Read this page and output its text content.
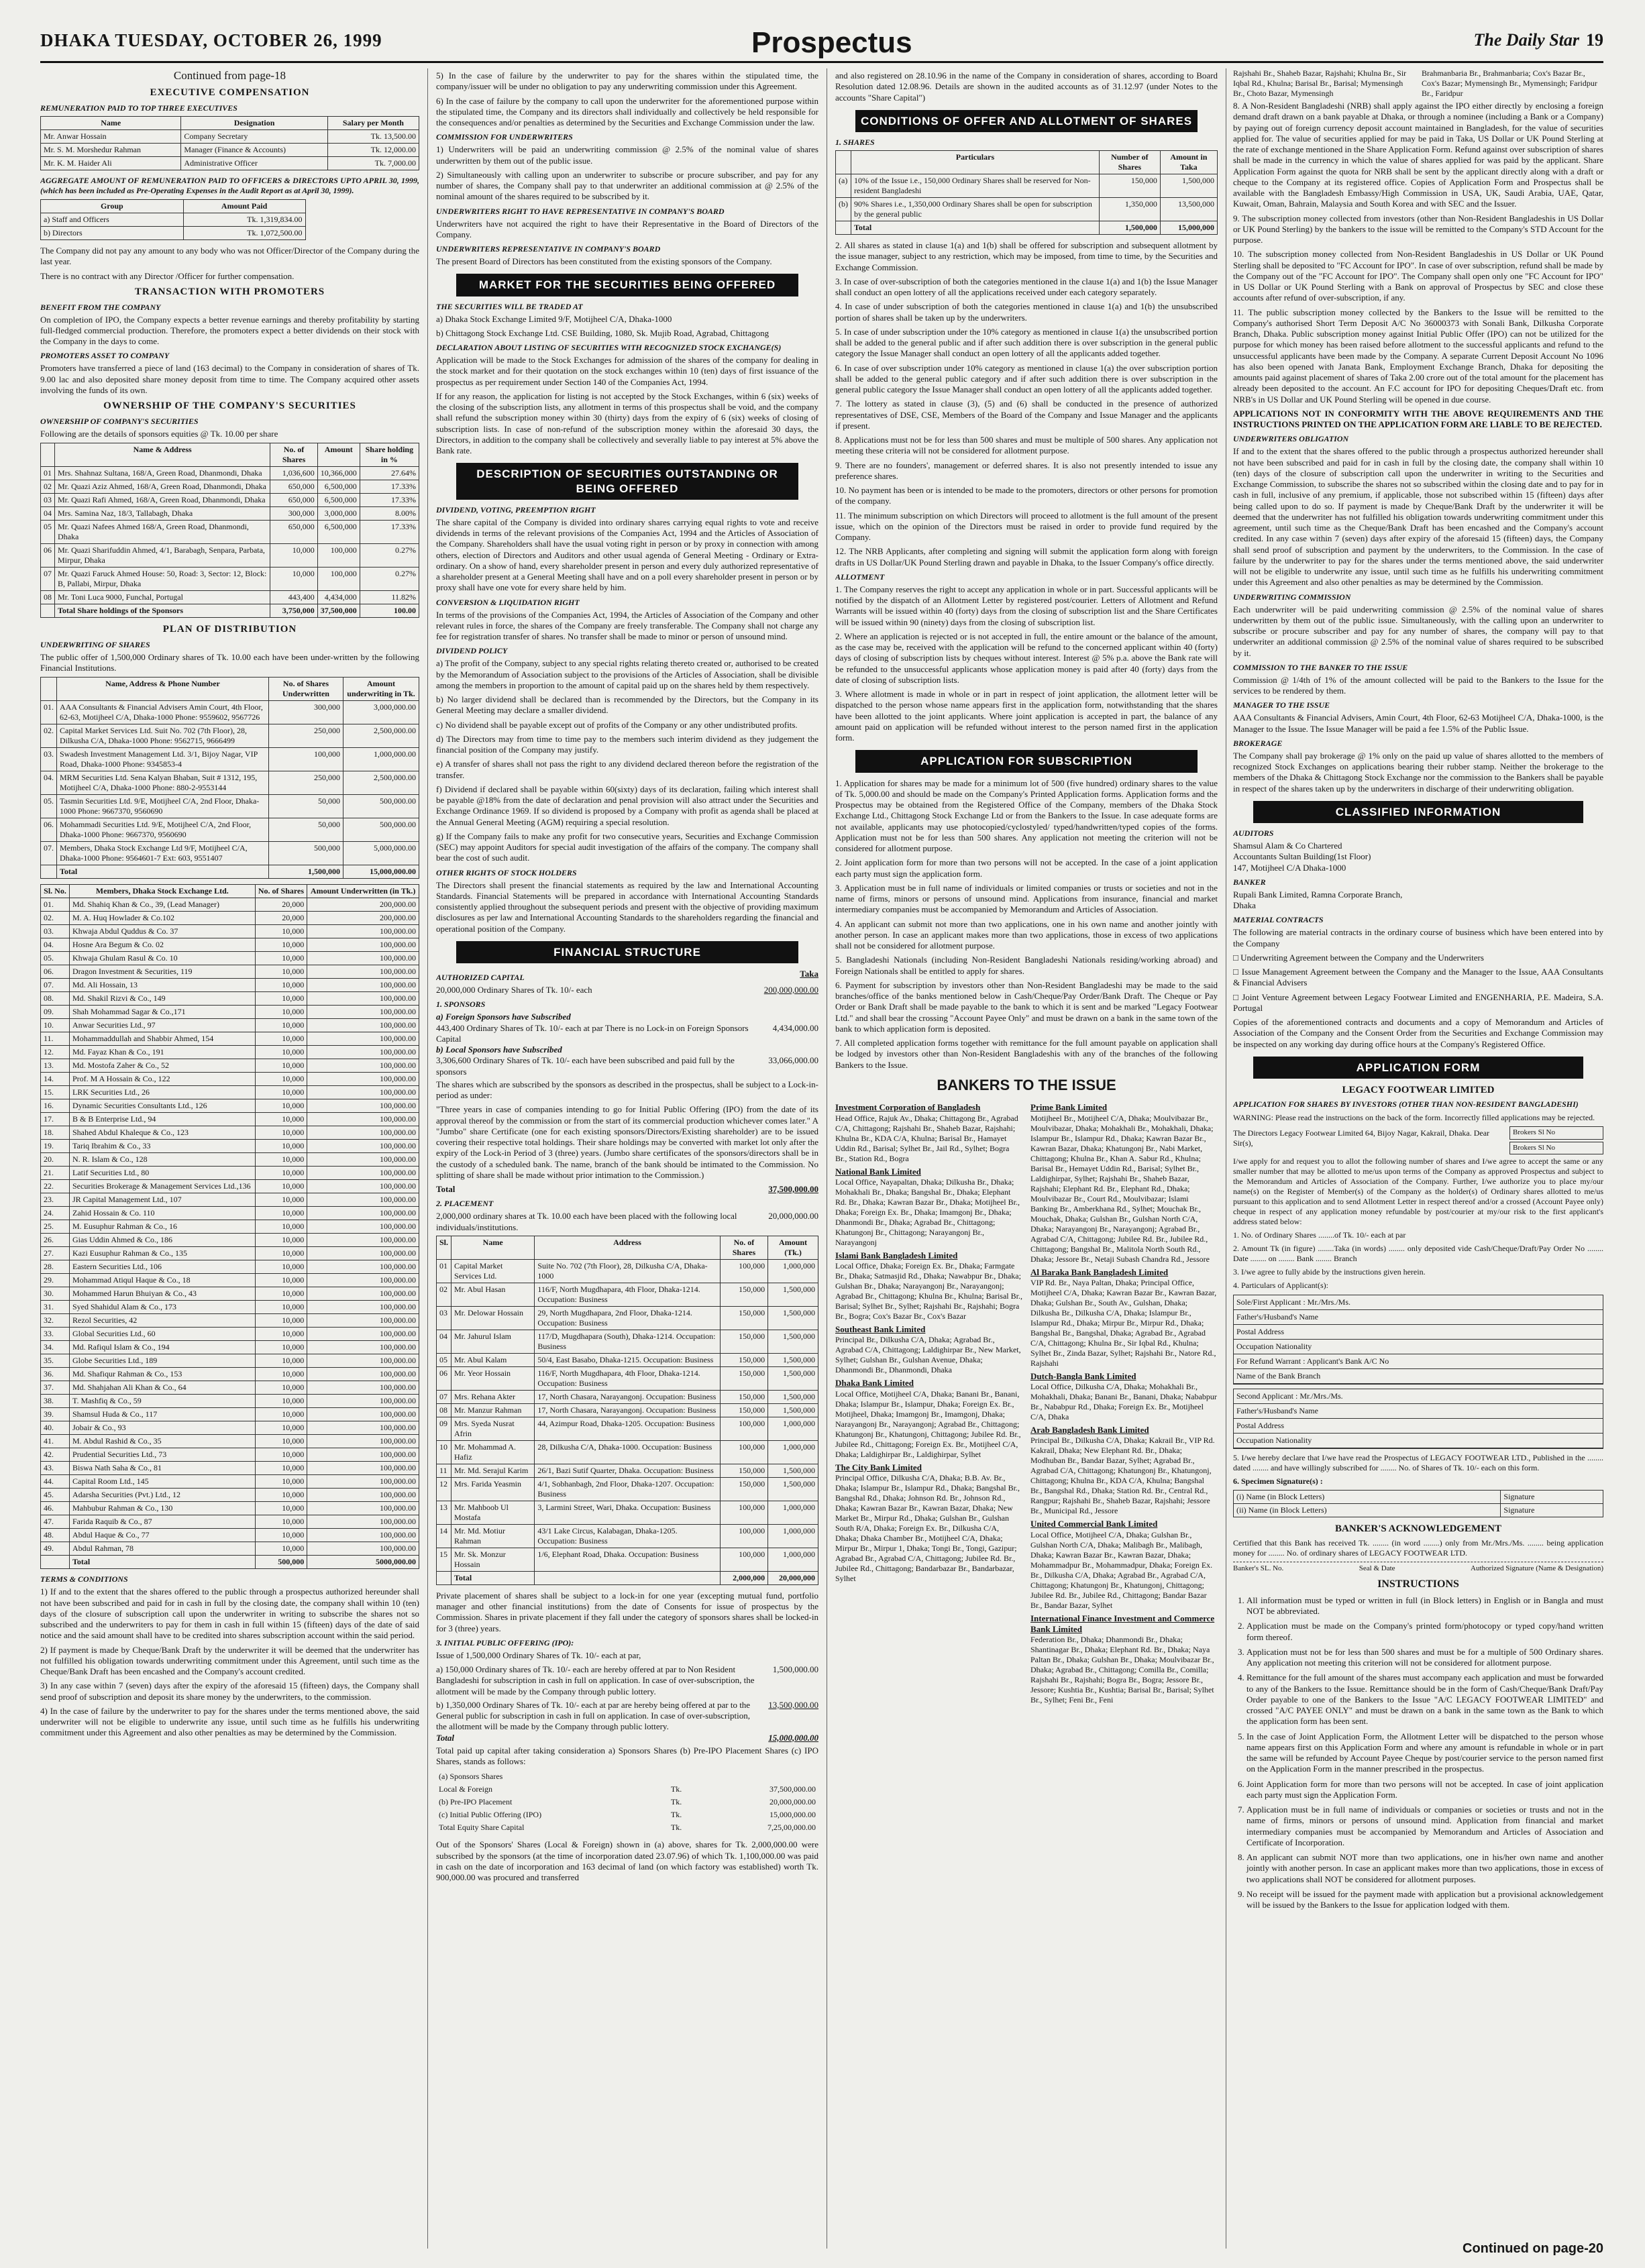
DHAKA TUESDAY, OCTOBER 26, 1999	Prospectus	The Daily Star 19
Continued from page-18
EXECUTIVE COMPENSATION
REMUNERATION PAID TO TOP THREE EXECUTIVES
Name	Designation	Salary per Month
Mr. Anwar Hossain	Company Secretary	Tk. 13,500.00
Mr. S. M. Morshedur Rahman	Manager (Finance & Accounts)	Tk. 12,000.00
Mr. K. M. Haider Ali	Administrative Officer	Tk. 7,000.00

AGGREGATE AMOUNT OF REMUNERATION PAID TO OFFICERS & DIRECTORS UPTO APRIL 30, 1999, (which has been included as Pre-Operating Expenses in the Audit Report as at April 30, 1999).

Group	Amount Paid
a) Staff and Officers	Tk. 1,319,834.00
b) Directors	Tk. 1,072,500.00

The Company did not pay any amount to any body who was not Officer/Director of the Company during the last year.

There is no contract with any Director /Officer for further compensation.

TRANSACTION WITH PROMOTERS
BENEFIT FROM THE COMPANY

On completion of IPO, the Company expects a better revenue earnings and thereby profitability by starting full-fledged commercial production. Therefore, the promoters expect a better dividends on their stock with the Company in the days to come.

PROMOTERS ASSET TO COMPANY

Promoters have transferred a piece of land (163 decimal) to the Company in consideration of shares of Tk. 9.00 lac and also deposited share money deposit from time to time. The Company acquired other assets involving the funds of its own.

OWNERSHIP OF THE COMPANY'S SECURITIES
OWNERSHIP OF COMPANY'S SECURITIES

Following are the details of sponsors equities @ Tk. 10.00 per share

	Name & Address	No. of Shares	Amount	Share holding in %
01	Mrs. Shahnaz Sultana, 168/A, Green Road, Dhanmondi, Dhaka	1,036,600	10,366,000	27.64%
02	Mr. Quazi Aziz Ahmed, 168/A, Green Road, Dhanmondi, Dhaka	650,000	6,500,000	17.33%
03	Mr. Quazi Rafi Ahmed, 168/A, Green Road, Dhanmondi, Dhaka	650,000	6,500,000	17.33%
04	Mrs. Samina Naz, 18/3, Tallabagh, Dhaka	300,000	3,000,000	8.00%
05	Mr. Quazi Nafees Ahmed 168/A, Green Road, Dhanmondi, Dhaka	650,000	6,500,000	17.33%
06	Mr. Quazi Sharifuddin Ahmed, 4/1, Barabagh, Senpara, Parbata, Mirpur, Dhaka	10,000	100,000	0.27%
07	Mr. Quazi Faruck Ahmed House: 50, Road: 3, Sector: 12, Block: B, Pallabi, Mirpur, Dhaka	10,000	100,000	0.27%
08	Mr. Toni Luca 9000, Funchal, Portugal	443,400	4,434,000	11.82%
	Total Share holdings of the Sponsors	3,750,000	37,500,000	100.00
PLAN OF DISTRIBUTION
UNDERWRITING OF SHARES

The public offer of 1,500,000 Ordinary shares of Tk. 10.00 each have been under-written by the following Financial Institutions.

	Name, Address & Phone Number	No. of Shares Underwritten	Amount underwriting in Tk.
01.	AAA Consultants & Financial Advisers Amin Court, 4th Floor, 62-63, Motijheel C/A, Dhaka-1000 Phone: 9559602, 9567726	300,000	3,000,000.00
02.	Capital Market Services Ltd. Suit No. 702 (7th Floor), 28, Dilkusha C/A, Dhaka-1000 Phone: 9562715, 9666499	250,000	2,500,000.00
03.	Swadesh Investment Management Ltd. 3/1, Bijoy Nagar, VIP Road, Dhaka-1000 Phone: 9345853-4	100,000	1,000,000.00
04.	MRM Securities Ltd. Sena Kalyan Bhaban, Suit # 1312, 195, Motijheel C/A, Dhaka-1000 Phone: 880-2-9553144	250,000	2,500,000.00
05.	Tasmin Securities Ltd. 9/E, Motijheel C/A, 2nd Floor, Dhaka-1000 Phone: 9667370, 9560690	50,000	500,000.00
06.	Mohammadi Securities Ltd. 9/E, Motijheel C/A, 2nd Floor, Dhaka-1000 Phone: 9667370, 9560690	50,000	500,000.00
07.	Members, Dhaka Stock Exchange Ltd 9/F, Motijheel C/A, Dhaka-1000 Phone: 9564601-7 Ext: 603, 9551407	500,000	5,000,000.00
	Total	1,500,000	15,000,000.00
Sl. No.	Members, Dhaka Stock Exchange Ltd.	No. of Shares	Amount Underwritten (in Tk.)
01.	Md. Shahiq Khan & Co., 39, (Lead Manager)	20,000	200,000.00
02.	M. A. Huq Howlader & Co.102	20,000	200,000.00
03.	Khwaja Abdul Quddus & Co. 37	10,000	100,000.00
04.	Hosne Ara Begum & Co. 02	10,000	100,000.00
05.	Khwaja Ghulam Rasul & Co. 10	10,000	100,000.00
06.	Dragon Investment & Securities, 119	10,000	100,000.00
07.	Md. Ali Hossain, 13	10,000	100,000.00
08.	Md. Shakil Rizvi & Co., 149	10,000	100,000.00
09.	Shah Mohammad Sagar & Co.,171	10,000	100,000.00
10.	Anwar Securities Ltd., 97	10,000	100,000.00
11.	Mohammaddullah and Shabbir Ahmed, 154	10,000	100,000.00
12.	Md. Fayaz Khan & Co., 191	10,000	100,000.00
13.	Md. Mostofa Zaher & Co., 52	10,000	100,000.00
14.	Prof. M A Hossain & Co., 122	10,000	100,000.00
15.	LRK Securities Ltd., 26	10,000	100,000.00
16.	Dynamic Securities Consultants Ltd., 126	10,000	100,000.00
17.	B & B Enterprise Ltd., 94	10,000	100,000.00
18.	Shahed Abdul Khaleque & Co., 123	10,000	100,000.00
19.	Tariq Ibrahim & Co., 33	10,000	100,000.00
20.	N. R. Islam & Co., 128	10,000	100,000.00
21.	Latif Securities Ltd., 80	10,000	100,000.00
22.	Securities Brokerage & Management Services Ltd.,136	10,000	100,000.00
23.	JR Capital Management Ltd., 107	10,000	100,000.00
24.	Zahid Hossain & Co. 110	10,000	100,000.00
25.	M. Eusuphur Rahman & Co., 16	10,000	100,000.00
26.	Gias Uddin Ahmed & Co., 186	10,000	100,000.00
27.	Kazi Eusuphur Rahman & Co., 135	10,000	100,000.00
28.	Eastern Securities Ltd., 106	10,000	100,000.00
29.	Mohammad Atiqul Haque & Co., 18	10,000	100,000.00
30.	Mohammed Harun Bhuiyan & Co., 43	10,000	100,000.00
31.	Syed Shahidul Alam & Co., 173	10,000	100,000.00
32.	Rezol Securities, 42	10,000	100,000.00
33.	Global Securities Ltd., 60	10,000	100,000.00
34.	Md. Rafiqul Islam & Co., 194	10,000	100,000.00
35.	Globe Securities Ltd., 189	10,000	100,000.00
36.	Md. Shafiqur Rahman & Co., 153	10,000	100,000.00
37.	Md. Shahjahan Ali Khan & Co., 64	10,000	100,000.00
38.	T. Mashfiq & Co., 59	10,000	100,000.00
39.	Shamsul Huda & Co., 117	10,000	100,000.00
40.	Jobair & Co., 93	10,000	100,000.00
41.	M. Abdul Rashid & Co., 35	10,000	100,000.00
42.	Prudential Securities Ltd., 73	10,000	100,000.00
43.	Biswa Nath Saha & Co., 81	10,000	100,000.00
44.	Capital Room Ltd., 145	10,000	100,000.00
45.	Adarsha Securities (Pvt.) Ltd., 12	10,000	100,000.00
46.	Mahbubur Rahman & Co., 130	10,000	100,000.00
47.	Farida Raquib & Co., 87	10,000	100,000.00
48.	Abdul Haque & Co., 77	10,000	100,000.00
49.	Abdul Rahman, 78	10,000	100,000.00
	Total	500,000	5000,000.00
TERMS & CONDITIONS

1) If and to the extent that the shares offered to the public through a prospectus authorized hereunder shall not have been subscribed and paid for in cash in full by the closing date, the company shall within 10 (ten) days of the closure of subscription call upon the underwriter in writing to subscribe the shares not so subscribed and the underwriters to pay for them in cash in full within 15 (fifteen) days of the date of said notice and the said amount shall have to be credited into shares subscription account within the said period.

2) If payment is made by Cheque/Bank Draft by the underwriter it will be deemed that the underwriter has not fulfilled his obligation towards underwriting commitment under this Agreement, until such time as the Cheque/Bank Draft has been encashed and the Company's account credited.

3) In any case within 7 (seven) days after the expiry of the aforesaid 15 (fifteen) days, the Company shall send proof of subscription and deposit its share money by the underwriters, to the commission.

4) In the case of failure by the underwriter to pay for the shares under the terms mentioned above, the said underwriter will not be eligible to underwrite any issue, until such time as he fulfills his underwriting commitment under this Agreement and also other penalties as may be determined by the Commission.

5) In the case of failure by the underwriter to pay for the shares within the stipulated time, the company/issuer will be under no obligation to pay any underwriting commission under this Agreement.

6) In the case of failure by the company to call upon the underwriter for the aforementioned purpose within the stipulated time, the Company and its directors shall individually and collectively be held responsible for the consequences and/or penalties as determined by the Securities and Exchange Commission under the law.

COMMISSION FOR UNDERWRITERS

1) Underwriters will be paid an underwriting commission @ 2.5% of the nominal value of shares underwritten by them out of the public issue.

2) Simultaneously with calling upon an underwriter to subscribe or procure subscriber, and pay for any number of shares, the Company shall pay to that underwriter an additional commission at @ 2.5% of the nominal amount of the shares required to be subscribed by it.

UNDERWRITERS RIGHT TO HAVE REPRESENTATIVE IN COMPANY'S BOARD

Underwriters have not acquired the right to have their Representative in the Board of Directors of the Company.

UNDERWRITERS REPRESENTATIVE IN COMPANY'S BOARD

The present Board of Directors has been constituted from the existing sponsors of the Company.

MARKET FOR THE SECURITIES BEING OFFERED
THE SECURITIES WILL BE TRADED AT

a) Dhaka Stock Exchange Limited 9/F, Motijheel C/A, Dhaka-1000

b) Chittagong Stock Exchange Ltd. CSE Building, 1080, Sk. Mujib Road, Agrabad, Chittagong

DECLARATION ABOUT LISTING OF SECURITIES WITH RECOGNIZED STOCK EXCHANGE(S)

Application will be made to the Stock Exchanges for admission of the shares of the company for dealing in the stock market and for their quotation on the stock exchanges within 10 (ten) days of first issuance of the prospectus as per requirement under Section 140 of the Companies Act, 1994.

If for any reason, the application for listing is not accepted by the Stock Exchanges, within 6 (six) weeks of the closing of the subscription lists, any allotment in terms of this prospectus shall be void, and the company shall refund the subscription money within 30 (thirty) days from the expiry of 6 (six) weeks of closing of subscription lists. In case of non-refund of the subscription money within the aforesaid 30 days, the Directors, in addition to the company shall be collectively and severally liable to pay interest at 5% above the Bank rate.

DESCRIPTION OF SECURITIES OUTSTANDING OR BEING OFFERED
DIVIDEND, VOTING, PREEMPTION RIGHT

The share capital of the Company is divided into ordinary shares carrying equal rights to vote and receive dividends in terms of the relevant provisions of the Companies Act, 1994 and the Articles of Association of the Company. Shareholders shall have the usual voting right in person or by proxy in connection with among others, election of Directors and Auditors and other usual agenda of General Meeting - Ordinary or Extra-ordinary. On a show of hand, every shareholder present in person and every duly authorized representative of a shareholder present at a General Meeting shall have and on a poll every shareholder present in person or by proxy shall have one vote for every share held by him.

CONVERSION & LIQUIDATION RIGHT

In terms of the provisions of the Companies Act, 1994, the Articles of Association of the Company and other relevant rules in force, the shares of the Company are freely transferable. The Company shall not charge any fee for registration transfer of shares. No transfer shall be made to minor or person of unsound mind.

DIVIDEND POLICY

a) The profit of the Company, subject to any special rights relating thereto created or, authorised to be created by the Memorandum of Association subject to the provisions of the Articles of Association, shall be divisible among the members in proportion to the amount of capital paid up on the shares held by them respectively.

b) No larger dividend shall be declared than is recommended by the Directors, but the Company in its General Meeting may declare a smaller dividend.

c) No dividend shall be payable except out of profits of the Company or any other undistributed profits.

d) The Directors may from time to time pay to the members such interim dividend as they judgement the financial position of the Company may justify.

e) A transfer of shares shall not pass the right to any dividend declared thereon before the registration of the transfer.

f) Dividend if declared shall be payable within 60(sixty) days of its declaration, failing which interest shall be payable @18% from the date of declaration and penal provision will also attract under the Securities and Exchange Ordinance 1969. If so dividend is proposed by a Company with profit as agenda shall be placed at the Annual General Meeting (AGM) requiring a special resolution.

g) If the Company fails to make any profit for two consecutive years, Securities and Exchange Commission (SEC) may appoint Auditors for special audit investigation of the affairs of the company. The company shall bear the cost of such audit.

OTHER RIGHTS OF STOCK HOLDERS

The Directors shall present the financial statements as required by the law and International Accounting Standards. Financial Statements will be prepared in accordance with International Accounting Standards consistently applied throughout the subsequent periods and present with the objective of providing maximum disclosures as per law and International Accounting Standards to the shareholders regarding the financial and operational position of the Company.

FINANCIAL STRUCTURE
AUTHORIZED CAPITAL	Taka
20,000,000 Ordinary Shares of Tk. 10/- each	200,000,000.00
1. SPONSORS
a) Foreign Sponsors have Subscribed
443,400 Ordinary Shares of Tk. 10/- each at par There is no Lock-in on Foreign Sponsors Capital
4,434,000.00
b) Local Sponsors have Subscribed
3,306,600 Ordinary Shares of Tk. 10/- each have been subscribed and paid full by the sponsors
33,066,000.00

The shares which are subscribed by the sponsors as described in the prospectus, shall be subject to a Lock-in-period as under:

"Three years in case of companies intending to go for Initial Public Offering (IPO) from the date of its approval thereof by the commission or from the start of its commercial production whichever comes later." A "Jumbo" share Certificate (one for each existing sponsors/Directors/Existing shareholder) are to be issued covering their respective total holdings. Their share holdings may be converted with market lot only after the expiry of the Lock-in Period of 3 (three) years. (Jumbo share certificates of the sponsors/directors shall be in the custody of a scheduled bank. The name, branch of the bank should be intimated to the Commission. No splitting of share shall be made without prior intimation to the Commission.)

Total	37,500,000.00
2. PLACEMENT
2,000,000 ordinary shares at Tk. 10.00 each have been placed with the following local individuals/institutions.
20,000,000.00
Sl.	Name	Address	No. of Shares	Amount (Tk.)
01	Capital Market Services Ltd.	Suite No. 702 (7th Floor), 28, Dilkusha C/A, Dhaka-1000	100,000	1,000,000
02	Mr. Abul Hasan	116/F, North Mugdhapara, 4th Floor, Dhaka-1214. Occupation: Business	150,000	1,500,000
03	Mr. Delowar Hossain	29, North Mugdhapara, 2nd Floor, Dhaka-1214. Occupation: Business	150,000	1,500,000
04	Mr. Jahurul Islam	117/D, Mugdhapara (South), Dhaka-1214. Occupation: Business	150,000	1,500,000
05	Mr. Abul Kalam	50/4, East Basabo, Dhaka-1215. Occupation: Business	150,000	1,500,000
06	Mr. Yeor Hossain	116/F, North Mugdhapara, 4th Floor, Dhaka-1214. Occupation: Business	150,000	1,500,000
07	Mrs. Rehana Akter	17, North Chasara, Narayangonj. Occupation: Business	150,000	1,500,000
08	Mr. Manzur Rahman	17, North Chasara, Narayangonj. Occupation: Business	150,000	1,500,000
09	Mrs. Syeda Nusrat Afrin	44, Azimpur Road, Dhaka-1205. Occupation: Business	100,000	1,000,000
10	Mr. Mohammad A. Hafiz	28, Dilkusha C/A, Dhaka-1000. Occupation: Business	100,000	1,000,000
11	Mr. Md. Serajul Karim	26/1, Bazi Sutif Quarter, Dhaka. Occupation: Business	150,000	1,500,000
12	Mrs. Farida Yeasmin	4/1, Sobhanbagh, 2nd Floor, Dhaka-1207. Occupation: Business	150,000	1,500,000
13	Mr. Mahboob Ul Mostafa	3, Larmini Street, Wari, Dhaka. Occupation: Business	100,000	1,000,000
14	Mr. Md. Motiur Rahman	43/1 Lake Circus, Kalabagan, Dhaka-1205. Occupation: Business	100,000	1,000,000
15	Mr. Sk. Monzur Hossain	1/6, Elephant Road, Dhaka. Occupation: Business	100,000	1,000,000
	Total		2,000,000	20,000,000

Private placement of shares shall be subject to a lock-in for one year (excepting mutual fund, portfolio manager and other financial institutions) from the date of Consents for issue of prospectus by the Commission. Shares in private placement if they fall under the category of sponsors shares shall be locked-in for 3 (three) years.

3. INITIAL PUBLIC OFFERING (IPO):

Issue of 1,500,000 Ordinary Shares of Tk. 10/- each at par,

a) 150,000 Ordinary shares of Tk. 10/- each are hereby offered at par to Non Resident Bangladeshi for subscription in cash in full on application. In case of over-subscription, the allotment will be made by the Company through public lottery.
1,500,000.00
b) 1,350,000 Ordinary Shares of Tk. 10/- each at par are hereby being offered at par to the General public for subscription in cash in full on application. In case of over-subscription, the allotment will be made by the Company through public lottery.
13,500,000.00
Total	15,000,000.00

Total paid up capital after taking consideration a) Sponsors Shares (b) Pre-IPO Placement Shares (c) IPO Shares, stands as follows:

(a) Sponsors Shares		
Local & Foreign	Tk.	37,500,000.00
(b) Pre-IPO Placement	Tk.	20,000,000.00
(c) Initial Public Offering (IPO)	Tk.	15,000,000.00
Total Equity Share Capital	Tk.	7,25,00,000.00

Out of the Sponsors' Shares (Local & Foreign) shown in (a) above, shares for Tk. 2,000,000.00 were subscribed by the sponsors (at the time of incorporation dated 23.07.96) of which Tk. 1,100,000.00 was paid in cash on the date of incorporation and 163 decimal of land (on which factory was established) worth Tk. 900,000.00 was procured and transferred

and also registered on 28.10.96 in the name of the Company in consideration of shares, according to Board Resolution dated 12.08.96. Details are shown in the audited accounts as of 31.12.97 (under Notes to the accounts "Share Capital")

CONDITIONS OF OFFER AND ALLOTMENT OF SHARES
1. SHARES
	Particulars	Number of Shares	Amount in Taka
(a)	10% of the Issue i.e., 150,000 Ordinary Shares shall be reserved for Non-resident Bangladeshi	150,000	1,500,000
(b)	90% Shares i.e., 1,350,000 Ordinary Shares shall be open for subscription by the general public	1,350,000	13,500,000
	Total	1,500,000	15,000,000

2. All shares as stated in clause 1(a) and 1(b) shall be offered for subscription and subsequent allotment by the issue manager, subject to any restriction, which may be imposed, from time to time, by the Securities and Exchange Commission.

3. In case of over-subscription of both the categories mentioned in the clause 1(a) and 1(b) the Issue Manager shall conduct an open lottery of all the applications received under each category separately.

4. In case of under subscription of both the categories mentioned in clause 1(a) and 1(b) the unsubscribed portion of shares shall be taken up by the underwriters.

5. In case of under subscription under the 10% category as mentioned in clause 1(a) the unsubscribed portion shall be added to the general public and if after such addition there is over subscription in the general public category the Issue Manager shall conduct an open lottery of all the applicants added together.

6. In case of over subscription under 10% category as mentioned in clause 1(a) the over subscription portion shall be added to the general public category and if after such addition there is over subscription in the general public category the Issue Manager shall conduct an open lottery of all the applicants added together.

7. The lottery as stated in clause (3), (5) and (6) shall be conducted in the presence of authorized representatives of DSE, CSE, Members of the Board of the Company and Issue Manager and the applicants if present.

8. Applications must not be for less than 500 shares and must be multiple of 500 shares. Any application not meeting these criteria will not be considered for allotment purpose.

9. There are no founders', management or deferred shares. It is also not presently intended to issue any preference shares.

10. No payment has been or is intended to be made to the promoters, directors or other persons for promotion of the company.

11. The minimum subscription on which Directors will proceed to allotment is the full amount of the present issue, which on the opinion of the Directors must be raised in order to provide fund required by the Company.

12. The NRB Applicants, after completing and signing will submit the application form along with foreign drafts in US Dollar/UK Pound Sterling drawn and payable in Dhaka, to the Issuer Company's office directly.

ALLOTMENT

1. The Company reserves the right to accept any application in whole or in part. Successful applicants will be notified by the dispatch of an Allotment Letter by registered post/courier. Letters of Allotment and Refund Warrants will be issued within 40 (forty) days from the closing of subscription list and the Share Certificates will be issued within 90 (ninety) days from the closing of subscription list.

2. Where an application is rejected or is not accepted in full, the entire amount or the balance of the amount, as the case may be, received with the application will be refund to the concerned applicant within 40 (forty) days of closing of subscription lists by cheques without interest. Interest @ 5% p.a. above the Bank rate will be refunded to the unsuccessful applicants whose application money is paid after 40 (forty) days from the date of closing of subscription lists.

3. Where allotment is made in whole or in part in respect of joint application, the allotment letter will be dispatched to the person whose name appears first in the application form, notwithstanding that the shares have been allotted to the joint applicants. Where joint application is accepted in part, the balance of any amount paid on application will be refunded without interest to the person named first in the application form.

APPLICATION FOR SUBSCRIPTION

1. Application for shares may be made for a minimum lot of 500 (five hundred) ordinary shares to the value of Tk. 5,000.00 and should be made on the Company's Printed Application forms. Application forms and the Prospectus may be obtained from the Registered Office of the Company, members of the Dhaka Stock Exchange Ltd., Chittagong Stock Exchange Ltd or from the Bankers to the Issue. In case adequate forms are not available, applicants may use photocopied/cyclostyled/ typed/handwritten/typed copies of the forms. Application must not be for less than 500 shares. Any application not meeting the criterion will not be considered for allotment purpose.

2. Joint application form for more than two persons will not be accepted. In the case of a joint application each party must sign the application form.

3. Application must be in full name of individuals or limited companies or trusts or societies and not in the name of firms, minors or persons of unsound mind. Applications from insurance, financial and market intermediary companies must be accompanied by Memorandum and Articles of Association.

4. An applicant can submit not more than two applications, one in his own name and another jointly with another person. In case an applicant makes more than two applications, those in excess of two applications shall not be considered for allotment purpose.

5. Bangladeshi Nationals (including Non-Resident Bangladeshi Nationals residing/working abroad) and Foreign Nationals shall be entitled to apply for shares.

6. Payment for subscription by investors other than Non-Resident Bangladeshi may be made to the said branches/office of the banks mentioned below in Cash/Cheque/Pay Order/Bank Draft. The Cheque or Pay Order or Bank Draft shall be made payable to the bank to which it is sent and be marked "Legacy Footwear Ltd." and shall bear the crossing "Account Payee Only" and must be drawn on a bank in the same town of the bank to which application form is deposited.

7. All completed application forms together with remittance for the full amount payable on application shall be lodged by investors other than Non-Resident Bangladeshis with any of the branches of the following Bankers to the Issue.

BANKERS TO THE ISSUE
Investment Corporation of Bangladesh
Head Office, Rajuk Av., Dhaka; Chittagong Br., Agrabad C/A, Chittagong; Rajshahi Br., Shaheb Bazar, Rajshahi; Khulna Br., KDA C/A, Khulna; Barisal Br., Hamayet Uddin Rd., Barisal; Sylhet Br., Jail Rd., Sylhet; Bogra Br., Station Rd., Bogra
National Bank Limited
Local Office, Nayapaltan, Dhaka; Dilkusha Br., Dhaka; Mohakhali Br., Dhaka; Bangshal Br., Dhaka; Elephant Rd. Br., Dhaka; Kawran Bazar Br., Dhaka; Motijheel Br., Dhaka; Foreign Ex. Br., Dhaka; Imamgonj Br., Dhaka; Dhanmondi Br., Dhaka; Agrabad Br., Chittagong; Khatungonj Br., Chittagong; Narayangonj Br., Narayangonj
Islami Bank Bangladesh Limited
Local Office, Dhaka; Foreign Ex. Br., Dhaka; Farmgate Br., Dhaka; Satmasjid Rd., Dhaka; Nawabpur Br., Dhaka; Gulshan Br., Dhaka; Narayangonj Br., Narayangonj; Agrabad Br., Chittagong; Khulna Br., Khulna; Barisal Br., Barisal; Sylhet Br., Sylhet; Rajshahi Br., Rajshahi; Bogra Br., Bogra; Cox's Bazar Br., Cox's Bazar
Southeast Bank Limited
Principal Br., Dilkusha C/A, Dhaka; Agrabad Br., Agrabad C/A, Chittagong; Laldighirpar Br., New Market, Sylhet; Gulshan Br., Gulshan Avenue, Dhaka; Dhanmondi Br., Dhanmondi, Dhaka
Dhaka Bank Limited
Local Office, Motijheel C/A, Dhaka; Banani Br., Banani, Dhaka; Islampur Br., Islampur, Dhaka; Foreign Ex. Br., Motijheel, Dhaka; Imamgonj Br., Imamgonj, Dhaka; Narayangonj Br., Narayangonj; Agrabad Br., Chittagong; Khatungonj Br., Khatungonj, Chittagong; Jubilee Rd. Br., Jubilee Rd., Chittagong; Foreign Ex. Br., Motijheel C/A, Dhaka; Laldighirpar Br., Laldighirpar, Sylhet
The City Bank Limited
Principal Office, Dilkusha C/A, Dhaka; B.B. Av. Br., Dhaka; Islampur Br., Islampur Rd., Dhaka; Bangshal Br., Bangshal Rd., Dhaka; Johnson Rd. Br., Johnson Rd., Dhaka; Kawran Bazar Br., Kawran Bazar, Dhaka; New Market Br., Mirpur Rd., Dhaka; Gulshan Br., Gulshan South R/A, Dhaka; Foreign Ex. Br., Dilkusha C/A, Dhaka; Dhaka Chamber Br., Motijheel C/A, Dhaka; Mirpur Br., Mirpur 1, Dhaka; Tongi Br., Tongi, Gazipur; Agrabad Br., Agrabad C/A, Chittagong; Jubilee Rd. Br., Jubilee Rd., Chittagong; Bandarbazar Br., Bandarbazar, Sylhet
Prime Bank Limited
Motijheel Br., Motijheel C/A, Dhaka; Moulvibazar Br., Moulvibazar, Dhaka; Mohakhali Br., Mohakhali, Dhaka; Islampur Br., Islampur Rd., Dhaka; Kawran Bazar Br., Kawran Bazar, Dhaka; Khatungonj Br., Nabi Market, Chittagong; Khulna Br., Khan A. Sabur Rd., Khulna; Barisal Br., Hemayet Uddin Rd., Barisal; Sylhet Br., Laldighirpar, Sylhet; Rajshahi Br., Shaheb Bazar, Rajshahi; Elephant Rd. Br., Elephant Rd., Dhaka; Moulvibazar Br., Court Rd., Moulvibazar; Islami Banking Br., Amberkhana Rd., Sylhet; Mouchak Br., Mouchak, Dhaka; Gulshan Br., Gulshan North C/A, Dhaka; Narayangonj Br., Narayangonj; Agrabad Br., Agrabad C/A, Chittagong; Jubilee Rd. Br., Jubilee Rd., Chittagong; Bangshal Br., Malitola North South Rd., Dhaka; Jessore Br., Netaji Subash Chandra Rd., Jessore
Al Baraka Bank Bangladesh Limited
VIP Rd. Br., Naya Paltan, Dhaka; Principal Office, Motijheel C/A, Dhaka; Kawran Bazar Br., Kawran Bazar, Dhaka; Gulshan Br., South Av., Gulshan, Dhaka; Dilkusha Br., Dilkusha C/A, Dhaka; Islampur Br., Islampur Rd., Dhaka; Mirpur Br., Mirpur Rd., Dhaka; Bangshal Br., Bangshal, Dhaka; Agrabad Br., Agrabad C/A, Chittagong; Khulna Br., Sir Iqbal Rd., Khulna; Sylhet Br., Zinda Bazar, Sylhet; Rajshahi Br., Natore Rd., Rajshahi
Dutch-Bangla Bank Limited
Local Office, Dilkusha C/A, Dhaka; Mohakhali Br., Mohakhali, Dhaka; Banani Br., Banani, Dhaka; Nababpur Br., Nababpur Rd., Dhaka; Foreign Ex. Br., Motijheel C/A, Dhaka
Arab Bangladesh Bank Limited
Principal Br., Dilkusha C/A, Dhaka; Kakrail Br., VIP Rd. Kakrail, Dhaka; New Elephant Rd. Br., Dhaka; Modhuban Br., Bandar Bazar, Sylhet; Agrabad Br., Agrabad C/A, Chittagong; Khatungonj Br., Khatungonj, Chittagong; Khulna Br., KDA C/A, Khulna; Bangshal Br., Bangshal Rd., Dhaka; Station Rd. Br., Central Rd., Rangpur; Rajshahi Br., Shaheb Bazar, Rajshahi; Jessore Br., Municipal Rd., Jessore
United Commercial Bank Limited
Local Office, Motijheel C/A, Dhaka; Gulshan Br., Gulshan North C/A, Dhaka; Malibagh Br., Malibagh, Dhaka; Kawran Bazar Br., Kawran Bazar, Dhaka; Mohammadpur Br., Mohammadpur, Dhaka; Foreign Ex. Br., Dilkusha C/A, Dhaka; Agrabad Br., Agrabad C/A, Chittagong; Khatungonj Br., Khatungonj, Chittagong; Jubilee Rd. Br., Jubilee Rd., Chittagong; Bandar Bazar Br., Bandar Bazar, Sylhet
International Finance Investment and Commerce Bank Limited
Federation Br., Dhaka; Dhanmondi Br., Dhaka; Shantinagar Br., Dhaka; Elephant Rd. Br., Dhaka; Naya Paltan Br., Dhaka; Gulshan Br., Dhaka; Moulvibazar Br., Dhaka; Agrabad Br., Chittagong; Comilla Br., Comilla; Rajshahi Br., Rajshahi; Bogra Br., Bogra; Jessore Br., Jessore; Kushtia Br., Kushtia; Barisal Br., Barisal; Sylhet Br., Sylhet; Feni Br., Feni
Rajshahi Br., Shaheb Bazar, Rajshahi; Khulna Br., Sir Iqbal Rd., Khulna; Barisal Br., Barisal; Mymensingh Br., Choto Bazar, Mymensingh
Brahmanbaria Br., Brahmanbaria; Cox's Bazar Br., Cox's Bazar; Mymensingh Br., Mymensingh; Faridpur Br., Faridpur

8. A Non-Resident Bangladeshi (NRB) shall apply against the IPO either directly by enclosing a foreign demand draft drawn on a bank payable at Dhaka, or through a nominee (including a Bank or a Company) by paying out of foreign currency deposit account maintained in Bangladesh, for the value of securities applied for. The value of securities applied for may be paid in Taka, US Dollar or UK Pound Sterling at the rate of exchange mentioned in the Share Application Form. Refund against over subscription of shares shall be made in the currency in which the value of shares applied for was paid by the applicant. Share Application Form against the quota for NRB shall be sent by the applicant directly along with a draft or cheque to the Company at its registered office. Copies of Application Form and Prospectus shall be available with the Bangladesh Embassy/High Commission in USA, UK, Saudi Arabia, UAE, Qatar, Kuwait, Oman, Bahrain, Malaysia and South Korea and with SEC and the Issuer.

9. The subscription money collected from investors (other than Non-Resident Bangladeshis in US Dollar or UK Pound Sterling) by the bankers to the issue will be remitted to the Company's STD Account for the purpose.

10. The subscription money collected from Non-Resident Bangladeshis in US Dollar or UK Pound Sterling shall be deposited to "FC Account for IPO". In case of over subscription, refund shall be made by the Company out of the "FC Account for IPO". The Company shall open only one "FC Account for IPO" in US Dollar or UK Pound Sterling with a Bank on approval of Prospectus by SEC and close these accounts after refund of over-subscription, if any.

11. The public subscription money collected by the Bankers to the Issue will be remitted to the Company's authorised Short Term Deposit A/C No 36000373 with Sonali Bank, Dilkusha Corporate Branch, Dhaka. Public subscription money against Initial Public Offer (IPO) can not be utilized for the purpose for which money has been raised before allotment to the successful applicants and refund to the unsuccessful applicants have been made by the Company. A separate Current Deposit Account No 1096 has also been opened with Janata Bank, Employment Exchange Branch, Dhaka for depositing the amounts paid against placement of shares of Taka 2.00 crore out of the total amount for the placement has already been deposited to the account. An F.C account for IPO for depositing Cheques/Draft etc. from NRB's in US Dollar and UK Pound Sterling will be opened in due course.

APPLICATIONS NOT IN CONFORMITY WITH THE ABOVE REQUIREMENTS AND THE INSTRUCTIONS PRINTED ON THE APPLICATION FORM ARE LIABLE TO BE REJECTED.

UNDERWRITERS OBLIGATION

If and to the extent that the shares offered to the public through a prospectus authorized hereunder shall not have been subscribed and paid for in cash in full by the closing date, the company shall within 10 (ten) days of the closure of subscription call upon the underwriter in writing to the Securities and Exchange Commission, to subscribe the shares not so subscribed within the closing date and to pay for in cash in full, inclusive of any premium, if applicable, those not subscribed within 15 (fifteen) days after being called upon to do so. If payment is made by Cheque/Bank Draft by the underwriter it will be deemed that the underwriter has not fulfilled his obligation towards underwriting commitment under this agreement, until such time as the Cheque/Bank Draft has been encashed and the Company's account credited. In any case within 7 (seven) days after expiry of the aforesaid 15 (fifteen) days, the Company shall send proof of subscription and payment by the underwriters, to the Commission. In the case of failure by the underwriter to pay for the shares under the terms mentioned above, the said underwriter will not be eligible to underwrite any issue, until such time as he fulfills his underwriting commitment under this Agreement and also other penalties as may be determined by the Commission.

UNDERWRITING COMMISSION

Each underwriter will be paid underwriting commission @ 2.5% of the nominal value of shares underwritten by them out of the public issue. Simultaneously, with the calling upon an underwriter to subscribe or procure subscriber and pay for any number of shares, the company will pay to that underwriter an additional commission @ 2.5% of the nominal value of shares required to be subscribed by it.

COMMISSION TO THE BANKER TO THE ISSUE

Commission @ 1/4th of 1% of the amount collected will be paid to the Bankers to the Issue for the services to be rendered by them.

MANAGER TO THE ISSUE

AAA Consultants & Financial Advisers, Amin Court, 4th Floor, 62-63 Motijheel C/A, Dhaka-1000, is the Manager to the Issue. The Issue Manager will be paid a fee 1.5% of the Public Issue.

BROKERAGE

The Company shall pay brokerage @ 1% only on the paid up value of shares allotted to the members of recognized Stock Exchanges on applications bearing their rubber stamp. Neither the brokerage to the members of the Dhaka & Chittagong Stock Exchange nor the commission to the Bankers shall be payable in respect of the shares taken up by the underwriters in discharge of their underwriting obligation.

CLASSIFIED INFORMATION
AUDITORS

Shamsul Alam & Co Chartered Accountants Sultan Building(1st Floor) 147, Motijheel C/A Dhaka-1000

BANKER

Rupali Bank Limited, Ramna Corporate Branch, Dhaka

MATERIAL CONTRACTS

The following are material contracts in the ordinary course of business which have been entered into by the Company

□ Underwriting Agreement between the Company and the Underwriters

□ Issue Management Agreement between the Company and the Manager to the Issue, AAA Consultants & Financial Advisers

□ Joint Venture Agreement between Legacy Footwear Limited and ENGENHARIA, P.E. Madeira, S.A. Portugal

Copies of the aforementioned contracts and documents and a copy of Memorandum and Articles of Association of the Company and the Consent Order from the Securities and Exchange Commission may be inspected on any working day during office hours at the Company's Registered Office.

APPLICATION FORM
LEGACY FOOTWEAR LIMITED

APPLICATION FOR SHARES BY INVESTORS (OTHER THAN NON-RESIDENT BANGLADESHI)

WARNING: Please read the instructions on the back of the form. Incorrectly filled applications may be rejected.

The Directors Legacy Footwear Limited 64, Bijoy Nagar, Kakrail, Dhaka. Dear Sir(s),

Brokers Sl No
Brokers Sl No

I/we apply for and request you to allot the following number of shares and I/we agree to accept the same or any smaller number that may be allotted to me/us upon terms of the Company as approved Prospectus and subject to the Memorandum and Articles of Association of the Company. Further, I/we authorize you to place my/our name(s) on the Register of Member(s) of the Company as the holder(s) of Ordinary shares allotted to me/us pursuant to this application and to send Allotment Letter in respect thereof and/or a crossed (Account Payee only) cheque in respect of any application money refundable by post/courier at my/our risk to the first applicant's address stated below:

1. No. of Ordinary Shares ........of Tk. 10/- each at par

2. Amount Tk (in figure) ........Taka (in words) ........ only deposited vide Cash/Cheque/Draft/Pay Order No ........ Date ........ on ........ Bank ........ Branch

3. I/we agree to fully abide by the instructions given herein.

4. Particulars of Applicant(s):

Sole/First Applicant : Mr./Mrs./Ms.
Father's/Husband's Name
Postal Address
Occupation Nationality
For Refund Warrant : Applicant's Bank A/C No
Name of the Bank Branch
Second Applicant : Mr./Mrs./Ms.
Father's/Husband's Name
Postal Address
Occupation Nationality

5. I/we hereby declare that I/we have read the Prospectus of LEGACY FOOTWEAR LTD., Published in the ........ dated ........ and have willingly subscribed for ........ No. of Shares of Tk. 10/- each on this form.

6. Specimen Signature(s) :

(i) Name (in Block Letters)	Signature
(ii) Name (in Block Letters)	Signature
BANKER'S ACKNOWLEDGEMENT

Certified that this Bank has received Tk. ........ (in word ........) only from Mr./Mrs./Ms. ........ being application money for ........ No. of ordinary shares of LEGACY FOOTWEAR LTD.

Banker's SL. No.	Seal & Date	Authorized Signature (Name & Designation)
INSTRUCTIONS
1. All information must be typed or written in full (in Block letters) in English or in Bangla and must NOT be abbreviated.
2. Application must be made on the Company's printed form/photocopy or typed copy/hand written form thereof.
3. Application must not be for less than 500 shares and must be for a multiple of 500 Ordinary shares. Any application not meeting this criterion will not be considered for allotment purpose.
4. Remittance for the full amount of the shares must accompany each application and must be forwarded to any of the Bankers to the Issue. Remittance should be in the form of Cash/Cheque/Bank Draft/Pay Order payable to one of the Bankers to the Issue "A/C LEGACY FOOTWEAR LIMITED" and crossed "A/C PAYEE ONLY" and must be drawn on a bank in the same town as the Bank to which the application form has been sent.
5. In the case of Joint Application Form, the Allotment Letter will be dispatched to the person whose name appears first on this Application Form and where any amount is refundable in whole or in part the same will be refunded by Account Payee Cheque by post/courier service to the person named first on the Application Form in the manner prescribed in the prospectus.
6. Joint Application form for more than two persons will not be accepted. In case of joint application each party must sign the Application Form.
7. Application must be in full name of individuals or companies or societies or trusts and not in the name of firms, minors or persons of unsound mind. Application from financial and market intermediary companies must be accompanied by Memorandum and Articles of Association and Certificate of Incorporation.
8. An applicant can submit NOT more than two applications, one in his/her own name and another jointly with another person. In case an applicant makes more than two applications, those in excess of two applications shall NOT be considered for allotment purposes.
9. No receipt will be issued for the payment made with application but a provisional acknowledgement will be issued by the Bankers to the Issue for application lodged with them.
Continued on page-20
